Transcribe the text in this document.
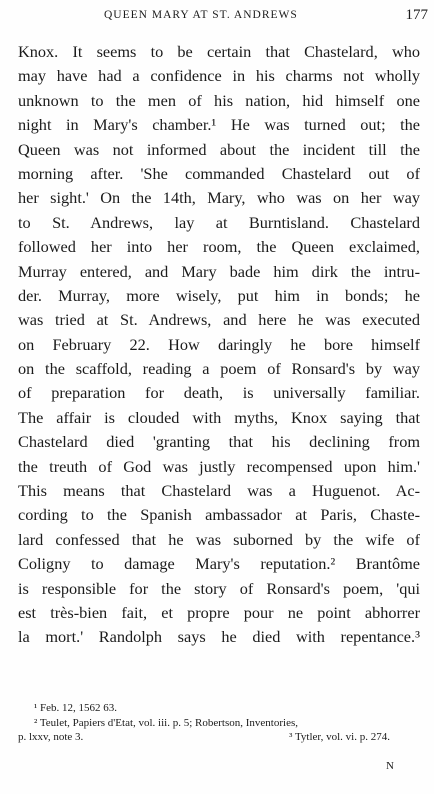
QUEEN MARY AT ST. ANDREWS	177
Knox. It seems to be certain that Chastelard, who
may have had a confidence in his charms not wholly
unknown to the men of his nation, hid himself one
night in Mary's chamber.¹ He was turned out; the
Queen was not informed about the incident till the
morning after. 'She commanded Chastelard out of
her sight.' On the 14th, Mary, who was on her way
to St. Andrews, lay at Burntisland. Chastelard
followed her into her room, the Queen exclaimed,
Murray entered, and Mary bade him dirk the intru-
der. Murray, more wisely, put him in bonds; he
was tried at St. Andrews, and here he was executed
on February 22. How daringly he bore himself
on the scaffold, reading a poem of Ronsard's by way
of preparation for death, is universally familiar.
The affair is clouded with myths, Knox saying that
Chastelard died 'granting that his declining from
the treuth of God was justly recompensed upon him.'
This means that Chastelard was a Huguenot. Ac-
cording to the Spanish ambassador at Paris, Chaste-
lard confessed that he was suborned by the wife of
Coligny to damage Mary's reputation.² Brantôme
is responsible for the story of Ronsard's poem, 'qui
est très-bien fait, et propre pour ne point abhorrer
la mort.' Randolph says he died with repentance.³
¹ Feb. 12, 1562 63.
² Teulet, Papiers d'Etat, vol. iii. p. 5; Robertson, Inventories,
p. lxxv, note 3.	³ Tytler, vol. vi. p. 274.
N
